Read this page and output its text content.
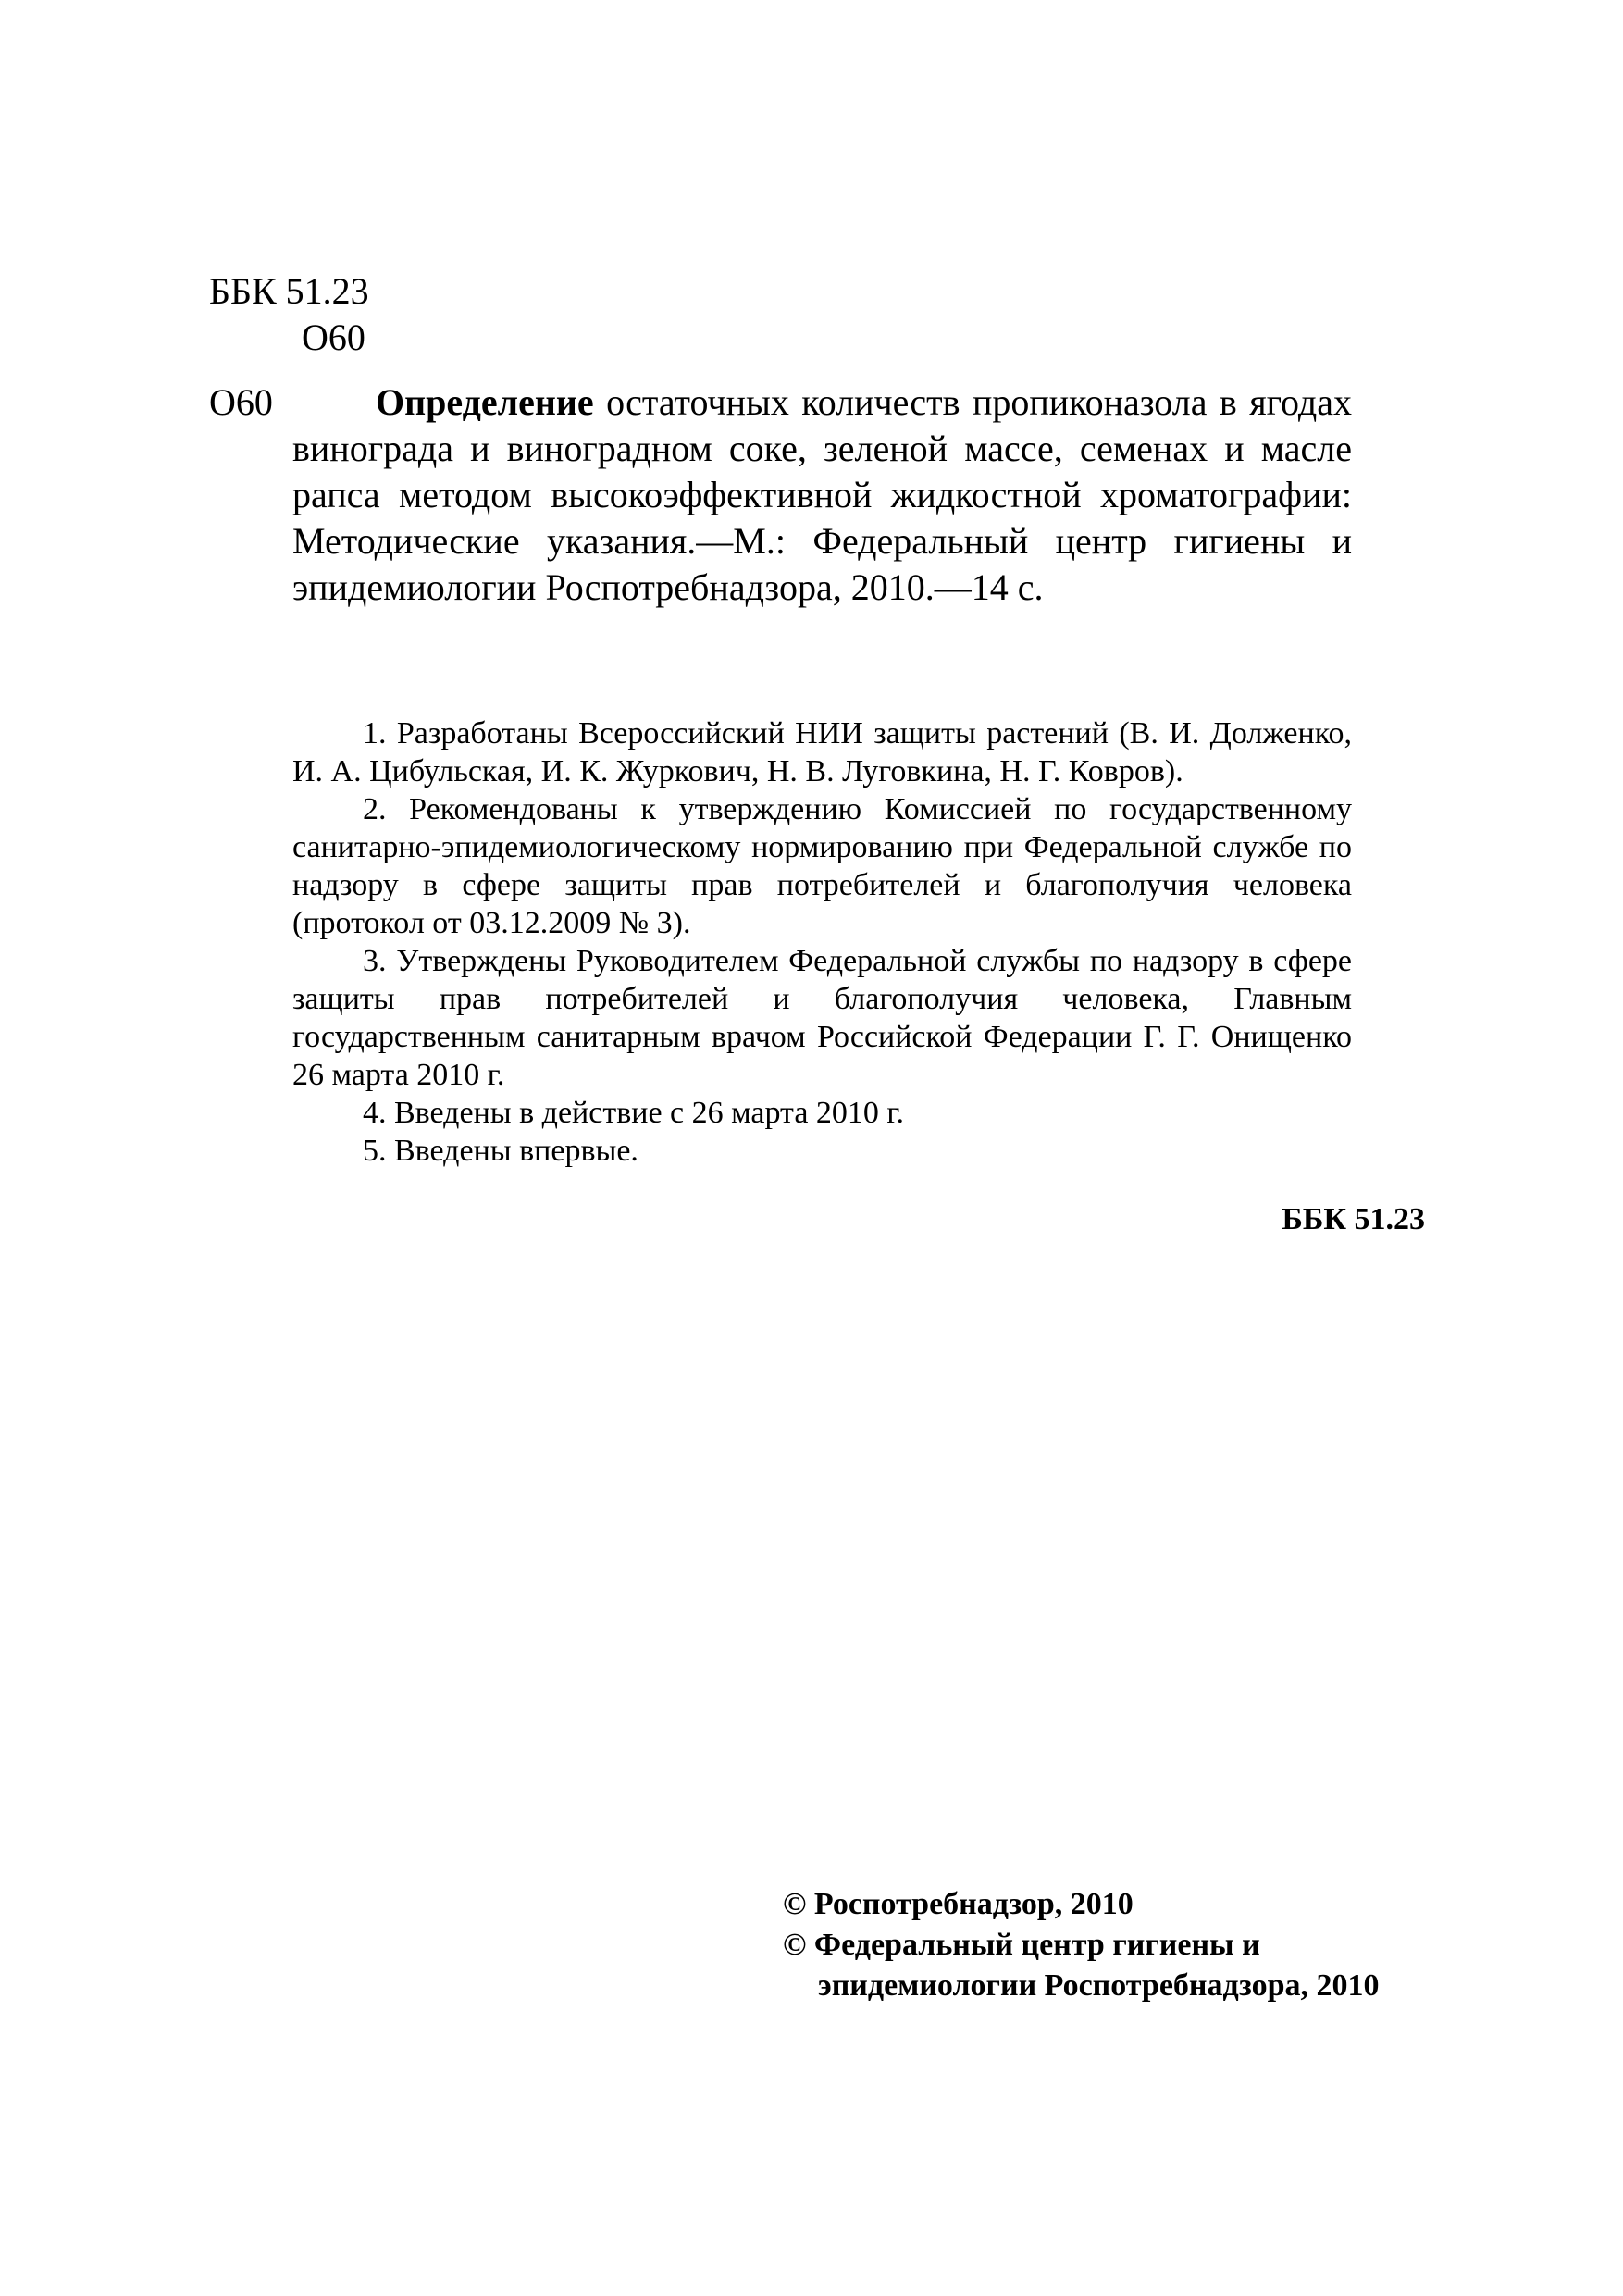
ББК 51.23
О60
О60	Определение остаточных количеств пропиконазола в ягодах винограда и виноградном соке, зеленой массе, семенах и масле рапса методом высокоэффективной жидкостной хроматографии: Методические указания.—М.: Федеральный центр гигиены и эпидемиологии Роспотребнадзора, 2010.—14 с.

1. Разработаны Всероссийский НИИ защиты растений (В. И. Долженко, И. А. Цибульская, И. К. Журкович, Н. В. Луговкина, Н. Г. Ковров).

2. Рекомендованы к утверждению Комиссией по государственному санитарно-эпидемиологическому нормированию при Федеральной службе по надзору в сфере защиты прав потребителей и благополучия человека (протокол от 03.12.2009 № 3).

3. Утверждены Руководителем Федеральной службы по надзору в сфере защиты прав потребителей и благополучия человека, Главным государственным санитарным врачом Российской Федерации Г. Г. Онищенко 26 марта 2010 г.

4. Введены в действие с 26 марта 2010 г.

5. Введены впервые.

ББК 51.23
© Роспотребнадзор, 2010
© Федеральный центр гигиены и
эпидемиологии Роспотребнадзора, 2010
